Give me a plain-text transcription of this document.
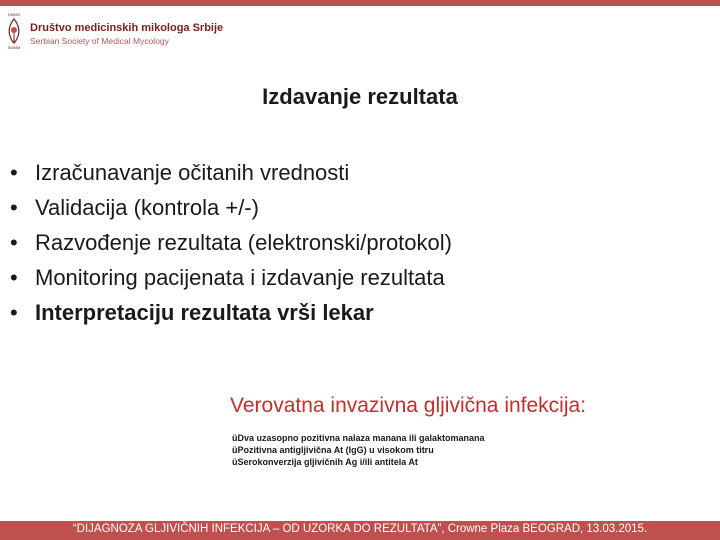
DMMS
SMMM
Društvo medicinskih mikologa Srbije
Serbian Society of Medical Mycology
Izdavanje rezultata
• Izračunavanje očitanih vrednosti
• Validacija (kontrola +/-)
• Razvođenje rezultata (elektronski/protokol)
• Monitoring pacijenata i izdavanje rezultata
• Interpretaciju rezultata vrši lekar
Verovatna invazivna gljivična infekcija:
üDva uzasopno pozitivna nalaza manana ili galaktomanana
üPozitivna antigljivična At (IgG) u visokom titru
üSerokonverzija gljivičnih Ag i/ili antitela At
“DIJAGNOZA GLJIVIČNIH INFEKCIJA – OD UZORKA DO REZULTATA”, Crowne Plaza BEOGRAD, 13.03.2015.
